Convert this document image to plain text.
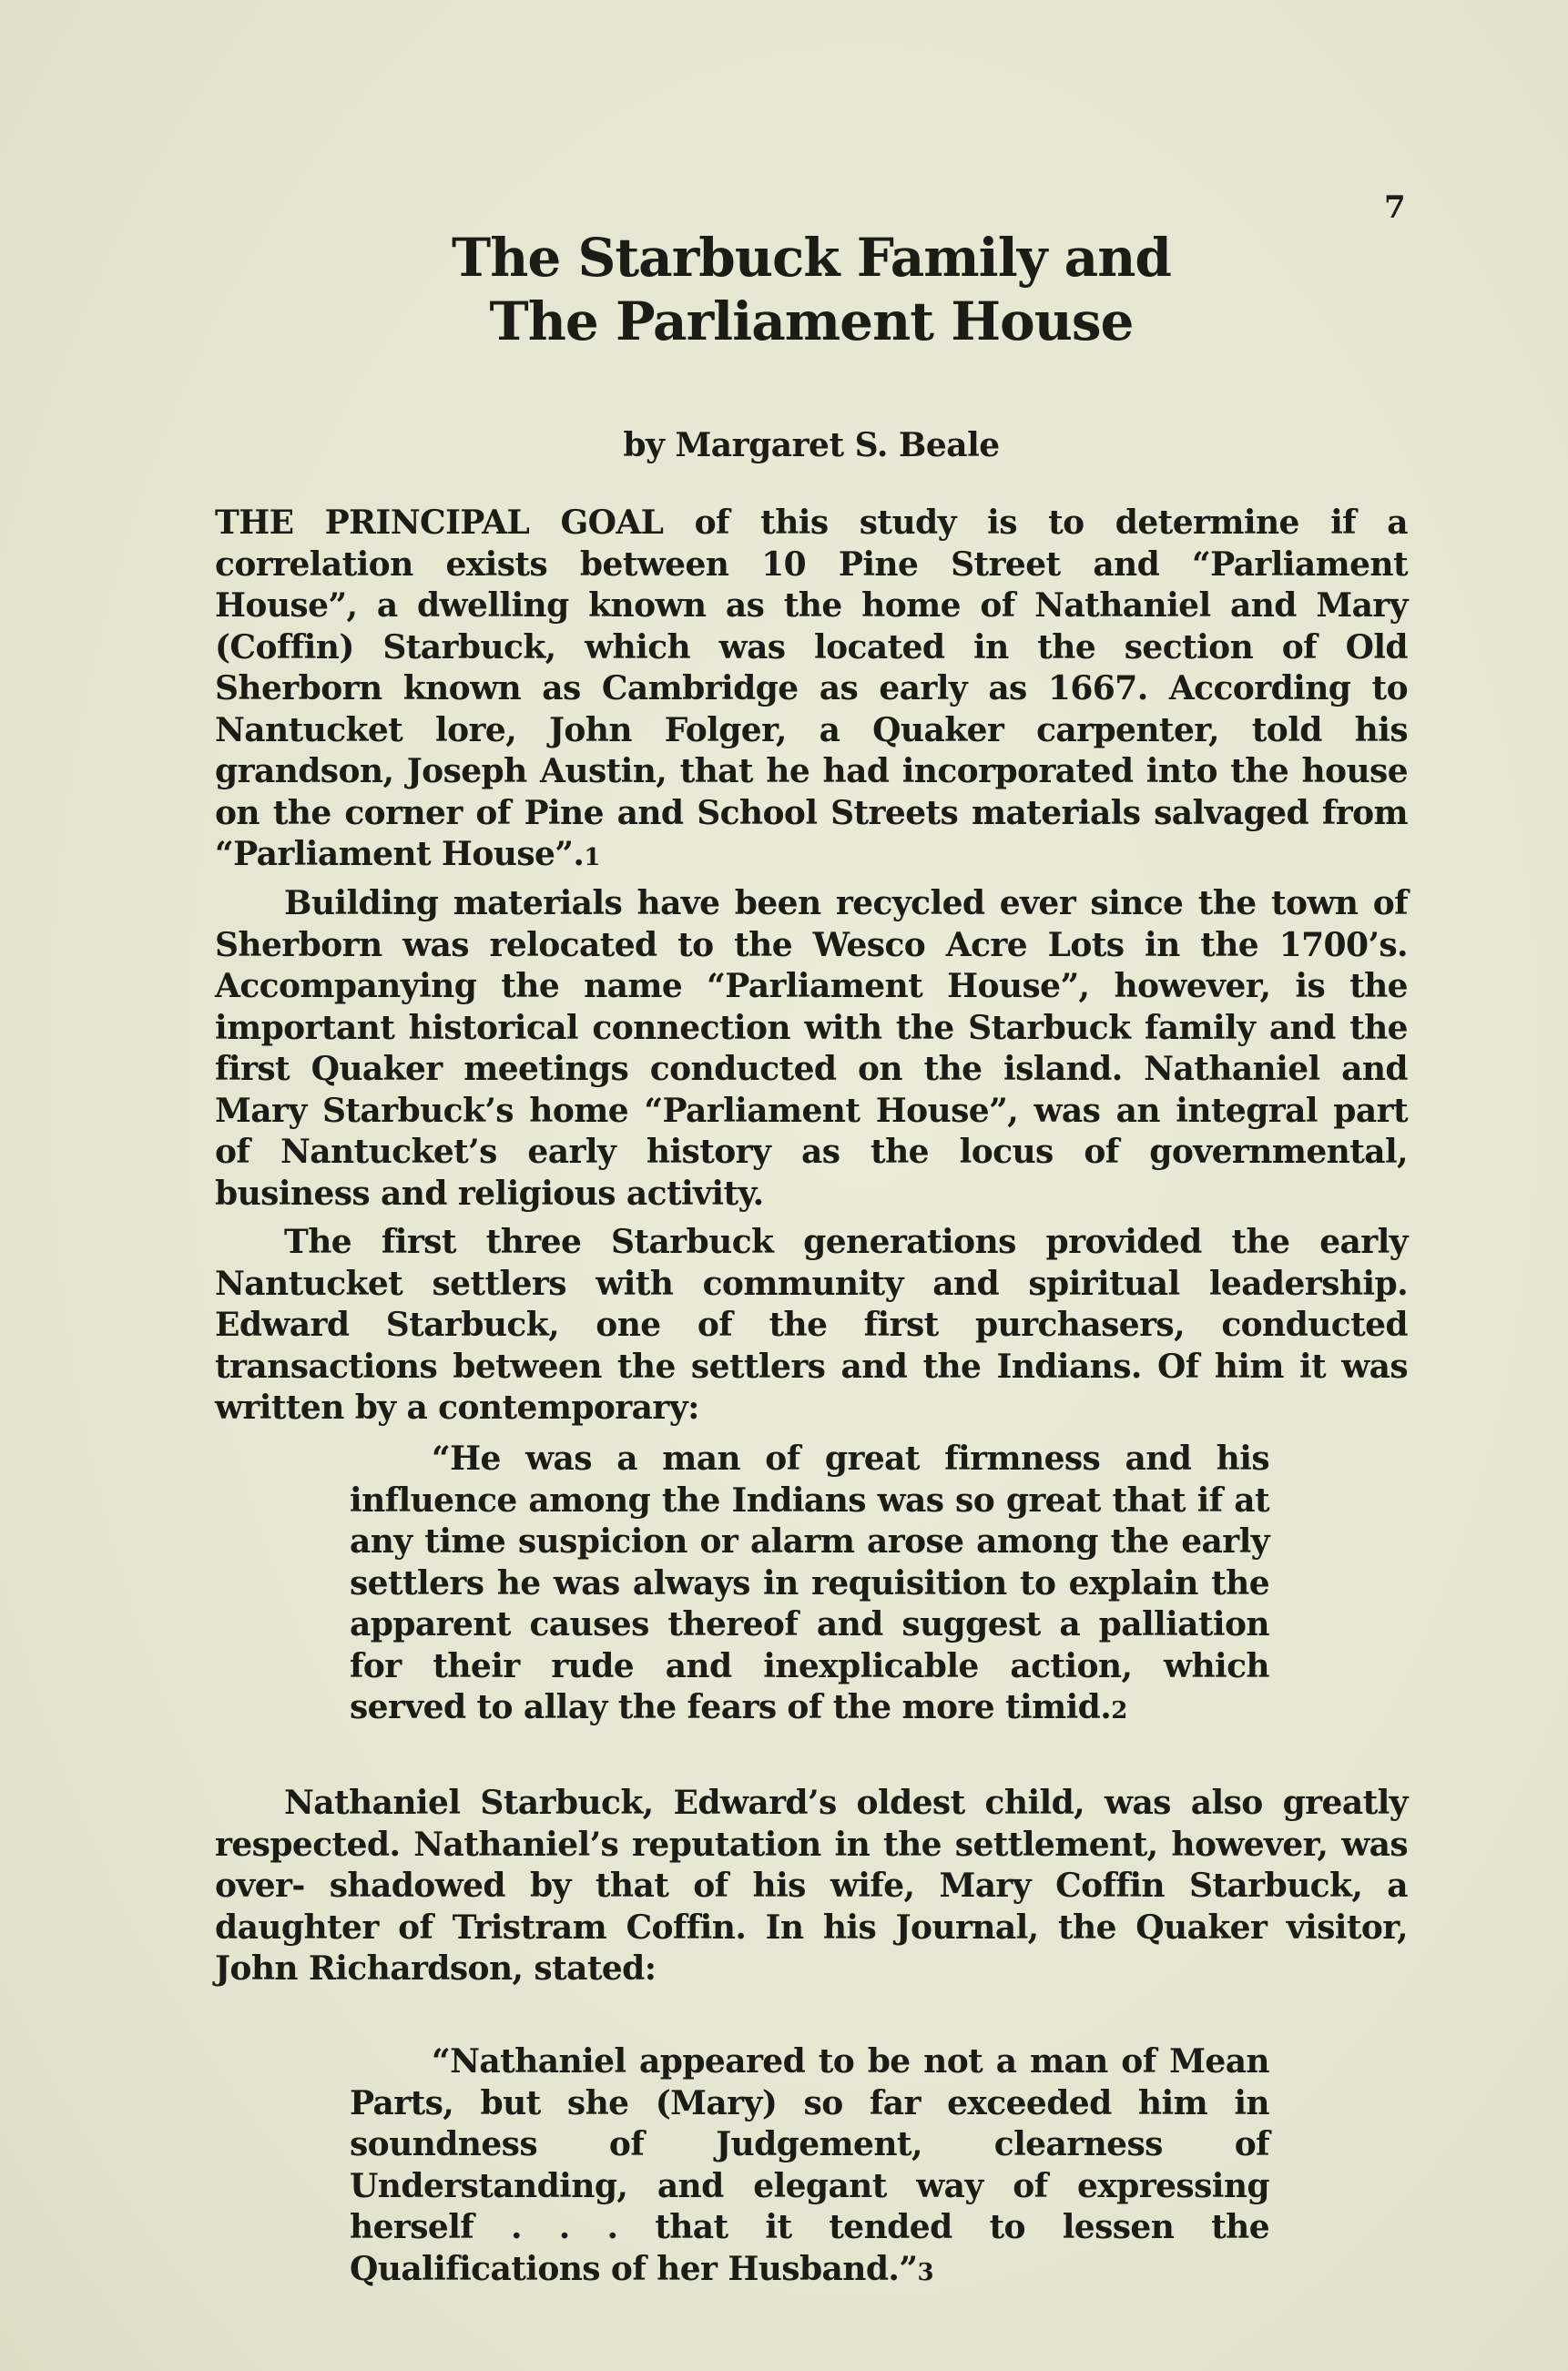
7
The Starbuck Family and
The Parliament House
by Margaret S. Beale
THE PRINCIPAL GOAL of this study is to determine if a correlation exists between 10 Pine Street and “Parliament House”, a dwelling known as the home of Nathaniel and Mary (Coffin) Starbuck, which was located in the section of Old Sherborn known as Cambridge as early as 1667. According to Nantucket lore, John Folger, a Quaker carpenter, told his grandson, Joseph Austin, that he had incorporated into the house on the corner of Pine and School Streets materials salvaged from “Parliament House”.1
Building materials have been recycled ever since the town of Sherborn was relocated to the Wesco Acre Lots in the 1700’s. Accompanying the name “Parliament House”, however, is the important historical connection with the Starbuck family and the first Quaker meetings conducted on the island. Nathaniel and Mary Starbuck’s home “Parliament House”, was an integral part of Nantucket’s early history as the locus of governmental, business and religious activity.
The first three Starbuck generations provided the early Nantucket settlers with community and spiritual leadership. Edward Starbuck, one of the first purchasers, conducted transactions between the settlers and the Indians. Of him it was written by a contemporary:
“He was a man of great firmness and his influence among the Indians was so great that if at any time suspicion or alarm arose among the early settlers he was always in requisition to explain the apparent causes thereof and suggest a palliation for their rude and inexplicable action, which served to allay the fears of the more timid.2
Nathaniel Starbuck, Edward’s oldest child, was also greatly respected. Nathaniel’s reputation in the settlement, however, was over- shadowed by that of his wife, Mary Coffin Starbuck, a daughter of Tristram Coffin. In his Journal, the Quaker visitor, John Richardson, stated:
“Nathaniel appeared to be not a man of Mean Parts, but she (Mary) so far exceeded him in soundness of Judgement, clearness of Understanding, and elegant way of expressing herself . . . that it tended to lessen the Qualifications of her Husband.”3
